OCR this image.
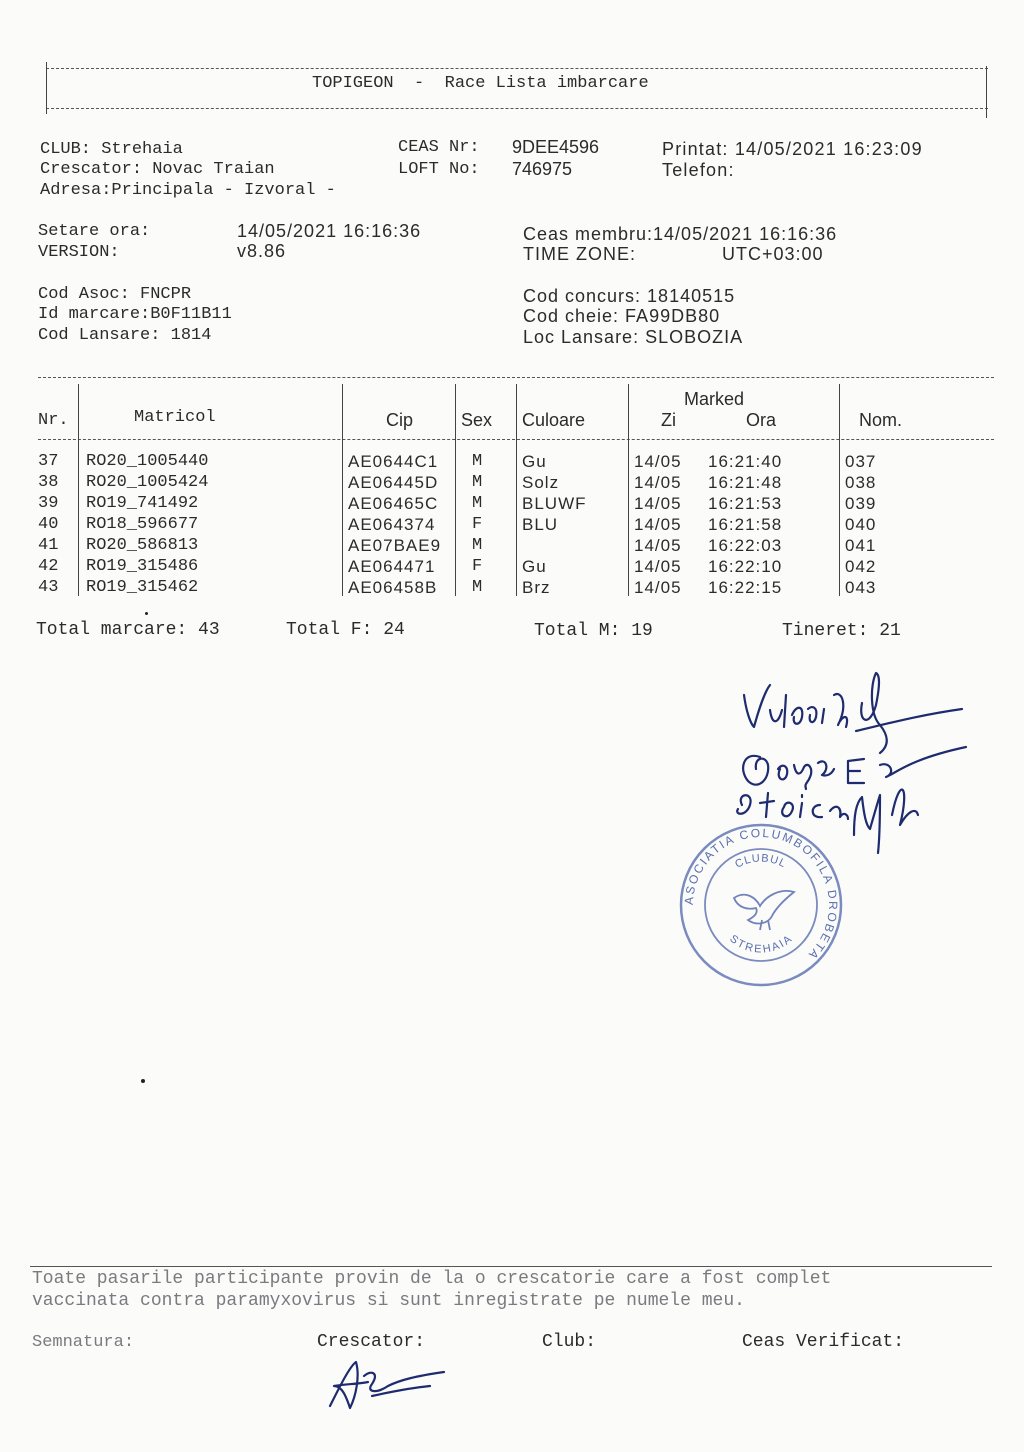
TOPIGEON  -  Race Lista imbarcare
CLUB: Strehaia
Crescator: Novac Traian
Adresa:Principala - Izvoral -
CEAS Nr: 9DEE4596
LOFT No: 746975
Printat: 14/05/2021 16:23:09
Telefon:
Setare ora:	14/05/2021 16:16:36
VERSION:	v8.86
Ceas membru:14/05/2021 16:16:36
TIME ZONE:	UTC+03:00
Cod Asoc: FNCPR
Id marcare:B0F11B11
Cod Lansare: 1814
Cod concurs: 18140515
Cod cheie: FA99DB80
Loc Lansare: SLOBOZIA
Nr.	Matricol	Cip	Sex Culoare
Marked
Zi	Ora	Nom.
37 RO20_1005440	AE0644C1 M Gu	14/05 16:21:40	037
38 RO20_1005424	AE06445D M Solz	14/05 16:21:48	038
39 RO19_741492	AE06465C M BLUWF	14/05 16:21:53	039
40 RO18_596677	AE064374 F BLU	14/05 16:21:58	040
41 RO20_586813	AE07BAE9 M	14/05 16:22:03	041
42 RO19_315486	AE064471 F Gu	14/05 16:22:10	042
43 RO19_315462	AE06458B M Brz	14/05 16:22:15	043
Total marcare: 43	Total F: 24	Total M: 19	Tineret: 21
ASOCIATIA COLUMBOFILA DROBETA
CLUBUL
STREHAIA
Toate pasarile participante provin de la o crescatorie care a fost complet
vaccinata contra paramyxovirus si sunt inregistrate pe numele meu.
Semnatura:	Crescator:	Club:	Ceas Verificat:
